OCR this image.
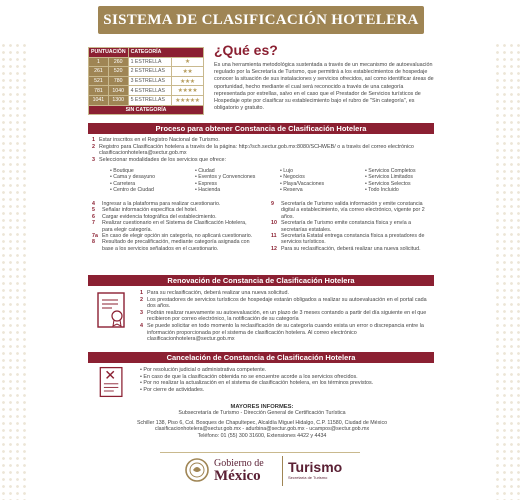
SISTEMA DE CLASIFICACIÓN HOTELERA
PUNTUACIÓN		CATEGORÍA	
1	260	1 ESTRELLA	★
261	520	2 ESTRELLAS	★★
521	780	3 ESTRELLAS	★★★
781	1040	4 ESTRELLAS	★★★★
1041	1300	5 ESTRELLAS	★★★★★
SIN CATEGORÍA			
¿Qué es?
Es una herramienta metodológica sustentada a través de un mecanismo de autoevaluación regulado por la Secretaría de Turismo, que permitirá a los establecimientos de hospedaje conocer la situación de sus instalaciones y servicios ofrecidos, así como identificar áreas de oportunidad, hecho mediante el cual será reconocido a través de una categoría representada por estrellas, salvo en el caso que el Prestador de Servicios turísticos de Hospedaje opte por clasificar su establecimiento bajo el rubro de "Sin categoría", es obligatorio y gratuito.
Proceso para obtener Constancia de Clasificación Hotelera
1 Estar inscritos en el Registro Nacional de Turismo.
2 Registro para Clasificación hotelera a través de la página: http://sch.sectur.gob.mx:8080/SCHWEB/ o a través del correo electrónico clasificacionhotelera@sectur.gob.mx
3 Seleccionar modalidades de los servicios que ofrece:
• Boutique	• Ciudad	• Lujo	• Servicios Completos
• Cama y desayuno	• Eventos y Convenciones	• Negocios	• Servicios Limitados
• Carretera	• Express	• Playa/Vacaciones	• Servicios Selectos
• Centro de Ciudad	• Hacienda	• Reserva	• Todo Incluido
4	Ingresar a la plataforma para realizar cuestionario.
5	Señalar información específica del hotel.
6	Cargar evidencia fotográfica del establecimiento.
7	Realizar cuestionario en el Sistema de Clasificación Hotelera, para elegir categoría.
7a En caso de elegir opción sin categoría, no aplicará cuestionario.
8	Resultado de precalificación, mediante categoría asignada con base a los servicios señalados en el cuestionario.
9	Secretaría de Turismo valida información y emite constancia digital a establecimiento, vía correo electrónico, vigente por 2 años.
10 Secretaría de Turismo emite constancia física y envía a secretarías estatales.
11 Secretaría Estatal entrega constancia física a prestadores de servicios turísticos.
12 Para su reclasificación, deberá realizar una nueva solicitud.
Renovación de Constancia de Clasificación Hotelera
1 Para su reclasificación, deberá realizar una nueva solicitud.
2 Los prestadores de servicios turísticos de hospedaje estarán obligados a realizar su autoevaluación en el portal cada dos años.
3 Podrán realizar nuevamente su autoevaluación, en un plazo de 3 meses contando a partir del día siguiente en el que recibieron por correo electrónico, la notificación de su categoría
4 Se puede solicitar en todo momento la reclasificación de su categoría cuando exista un error o discrepancia entre la información proporcionada por el sistema de clasificación hotelera. Al correo electrónico clasificacionhotelera@sectur.gob.mx
Cancelación de Constancia de Clasificación Hotelera
• Por resolución judicial o administrativa competente.
• En caso de que la clasificación obtenida no se encuentre acorde a los servicios ofrecidos.
• Por no realizar la actualización en el sistema de clasificación hotelera, en los términos previstos.
• Por cierre de actividades.
MAYORES INFORMES:
Subsecretaría de Turismo - Dirección General de Certificación Turística
Schiller 138, Piso 6, Col. Bosques de Chapultepec, Alcaldía Miguel Hidalgo, C.P. 11580, Ciudad de México
clasificacionhotelera@sectur.gob.mx - adurbina@sectur.gob.mx - ucampos@sectur.gob.mx
Teléfono: 01 (55) 300 31600, Extensiones 4422 y 4434
Gobierno de
México
Turismo
Secretaría de Turismo
